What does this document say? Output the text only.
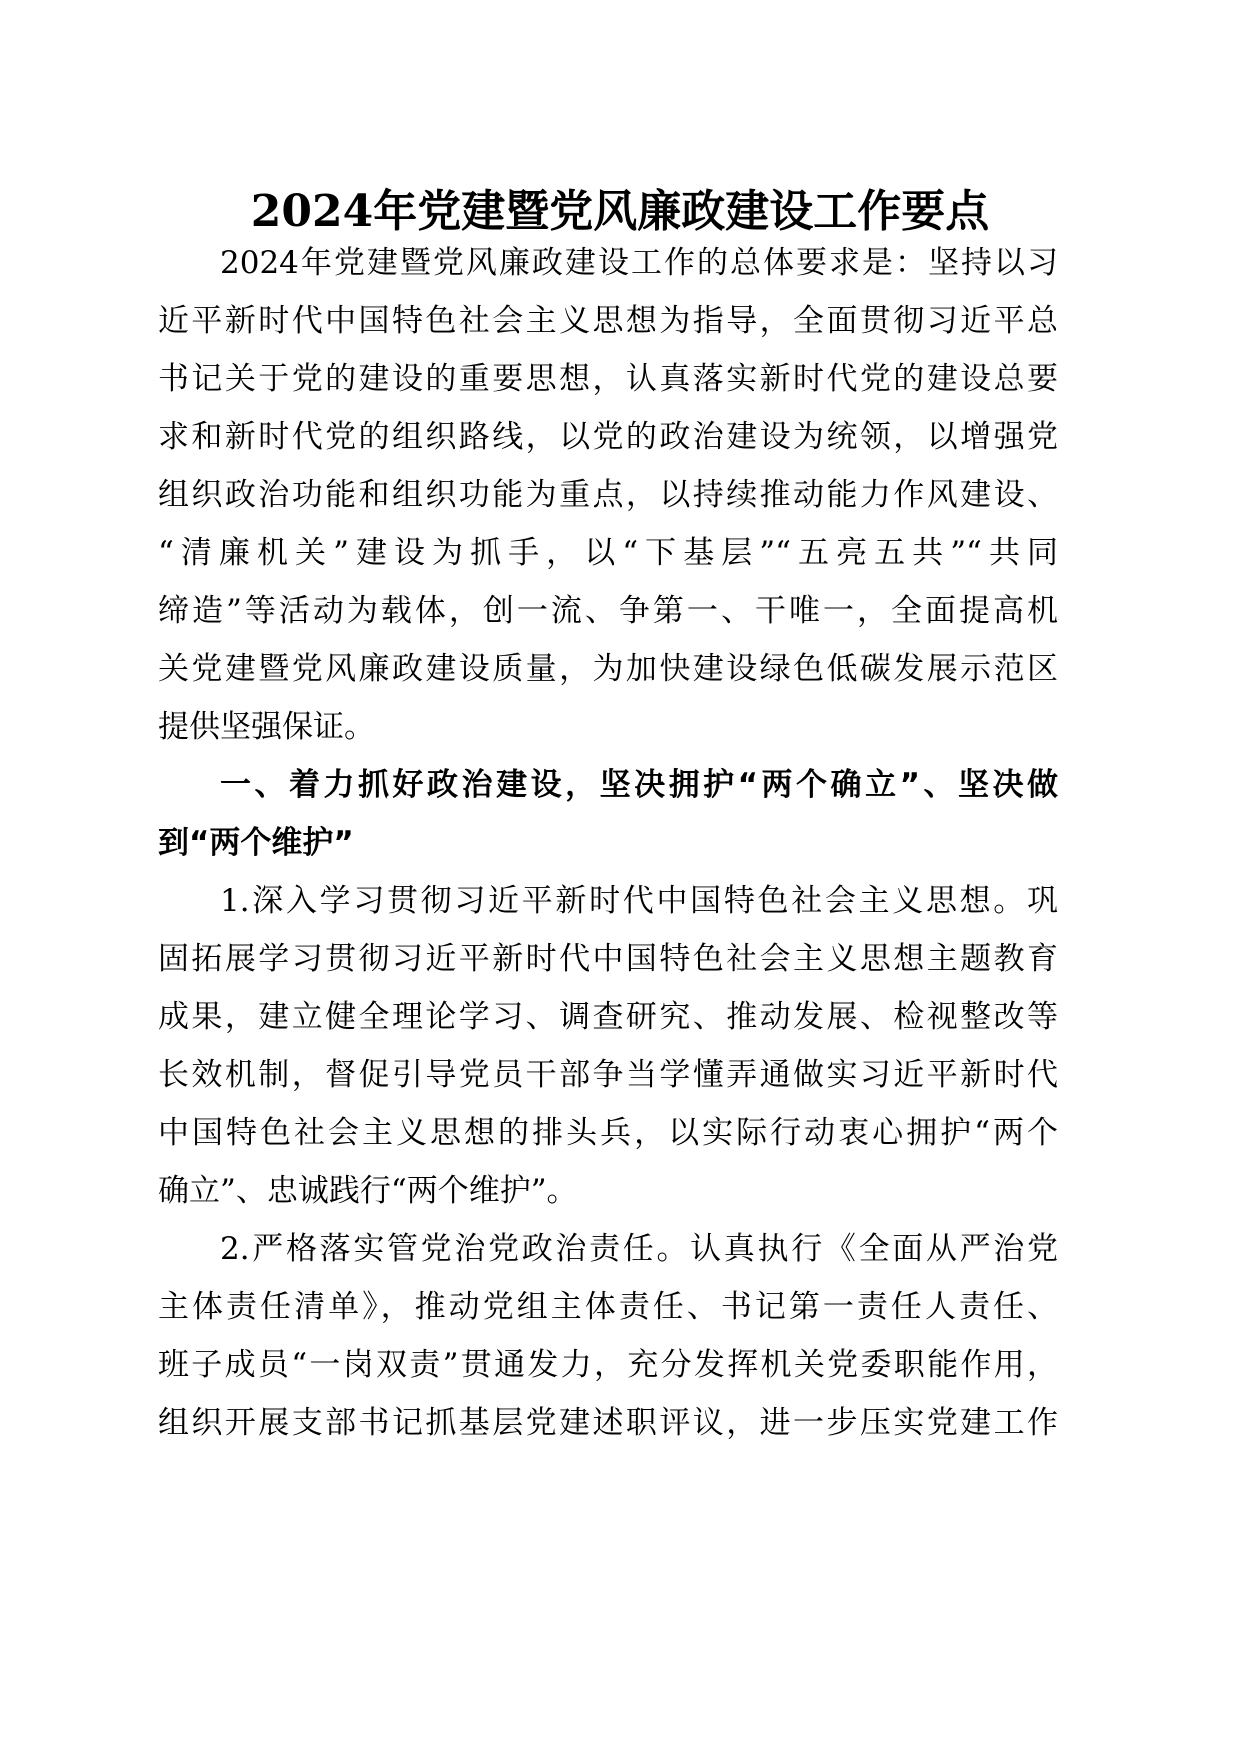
2024年党建暨党风廉政建设工作要点

2024年党建暨党风廉政建设工作的总体要求是：坚持以习

近平新时代中国特色社会主义思想为指导，全面贯彻习近平总

书记关于党的建设的重要思想，认真落实新时代党的建设总要

求和新时代党的组织路线，以党的政治建设为统领，以增强党

组织政治功能和组织功能为重点，以持续推动能力作风建设、

“清廉机关”建设为抓手，以“下基层”“五亮五共”“共同

缔造”等活动为载体，创一流、争第一、干唯一，全面提高机

关党建暨党风廉政建设质量，为加快建设绿色低碳发展示范区

提供坚强保证。

一、着力抓好政治建设，坚决拥护“两个确立”、坚决做

到“两个维护”

1.深入学习贯彻习近平新时代中国特色社会主义思想。巩

固拓展学习贯彻习近平新时代中国特色社会主义思想主题教育

成果，建立健全理论学习、调查研究、推动发展、检视整改等

长效机制，督促引导党员干部争当学懂弄通做实习近平新时代

中国特色社会主义思想的排头兵，以实际行动衷心拥护“两个

确立”、忠诚践行“两个维护”。

2.严格落实管党治党政治责任。认真执行《全面从严治党

主体责任清单》，推动党组主体责任、书记第一责任人责任、

班子成员“一岗双责”贯通发力，充分发挥机关党委职能作用，

组织开展支部书记抓基层党建述职评议，进一步压实党建工作
